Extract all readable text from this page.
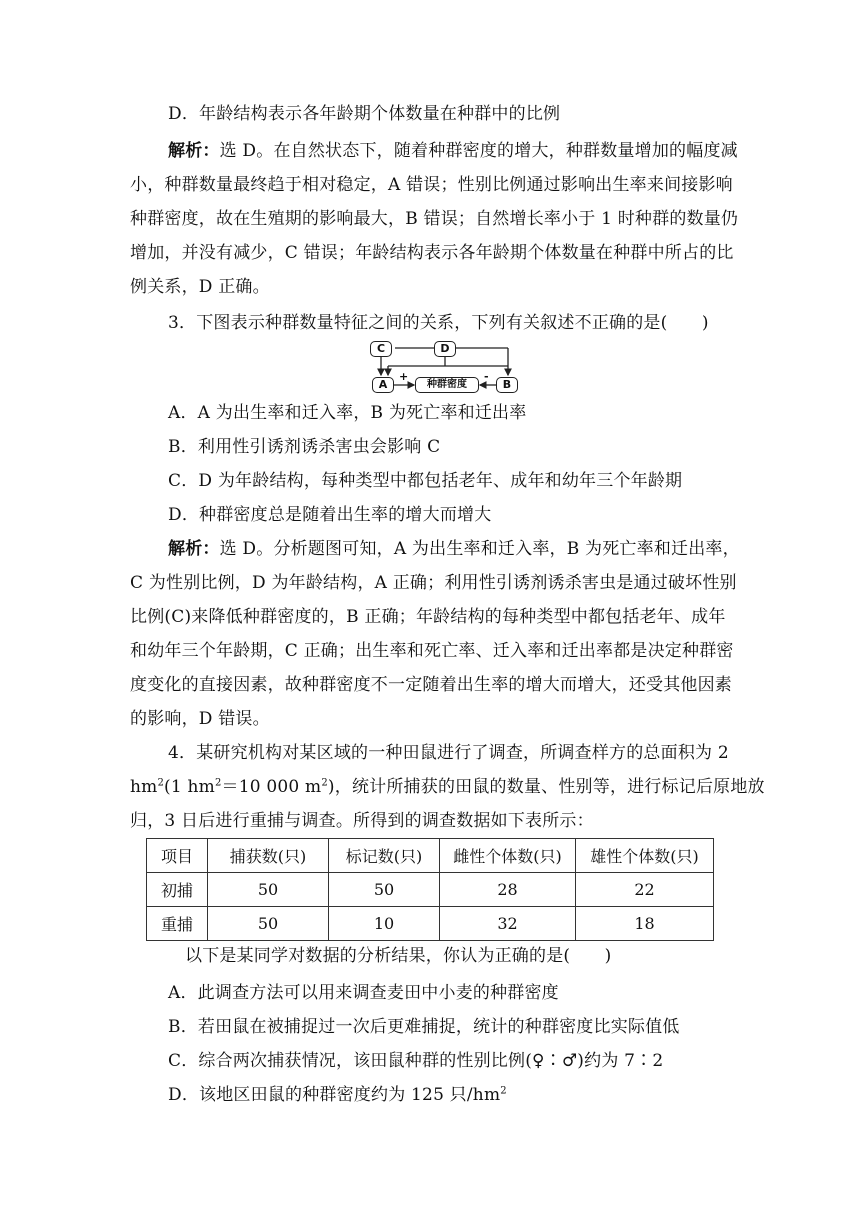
D．年龄结构表示各年龄期个体数量在种群中的比例
解析：选 D。在自然状态下，随着种群密度的增大，种群数量增加的幅度减
小，种群数量最终趋于相对稳定，A 错误；性别比例通过影响出生率来间接影响
种群密度，故在生殖期的影响最大，B 错误；自然增长率小于 1 时种群的数量仍
增加，并没有减少，C 错误；年龄结构表示各年龄期个体数量在种群中所占的比
例关系，D 正确。
3．下图表示种群数量特征之间的关系，下列有关叙述不正确的是(　　)
C	D
A	种群密度	B
+	-
A．A 为出生率和迁入率，B 为死亡率和迁出率
B．利用性引诱剂诱杀害虫会影响 C
C．D 为年龄结构，每种类型中都包括老年、成年和幼年三个年龄期
D．种群密度总是随着出生率的增大而增大
解析：选 D。分析题图可知，A 为出生率和迁入率，B 为死亡率和迁出率，
C 为性别比例，D 为年龄结构，A 正确；利用性引诱剂诱杀害虫是通过破坏性别
比例(C)来降低种群密度的，B 正确；年龄结构的每种类型中都包括老年、成年
和幼年三个年龄期，C 正确；出生率和死亡率、迁入率和迁出率都是决定种群密
度变化的直接因素，故种群密度不一定随着出生率的增大而增大，还受其他因素
的影响，D 错误。
4．某研究机构对某区域的一种田鼠进行了调查，所调查样方的总面积为 2
$hm^2(1$ $hm^2=10$ 000 $m^2$)，统计所捕获的田鼠的数量、性别等，进行标记后原地放
归，3 日后进行重捕与调查。所得到的调查数据如下表所示：
项目	捕获数(只)	标记数(只)	雌性个体数(只)	雄性个体数(只)
初捕	50	50	28	22
重捕	50	10	32	18
以下是某同学对数据的分析结果，你认为正确的是(　　)
A．此调查方法可以用来调查麦田中小麦的种群密度
B．若田鼠在被捕捉过一次后更难捕捉，统计的种群密度比实际值低
C．综合两次捕获情况，该田鼠种群的性别比例(♀∶♂)约为 7∶2
D．该地区田鼠的种群密度约为 125 只$/hm^2$
